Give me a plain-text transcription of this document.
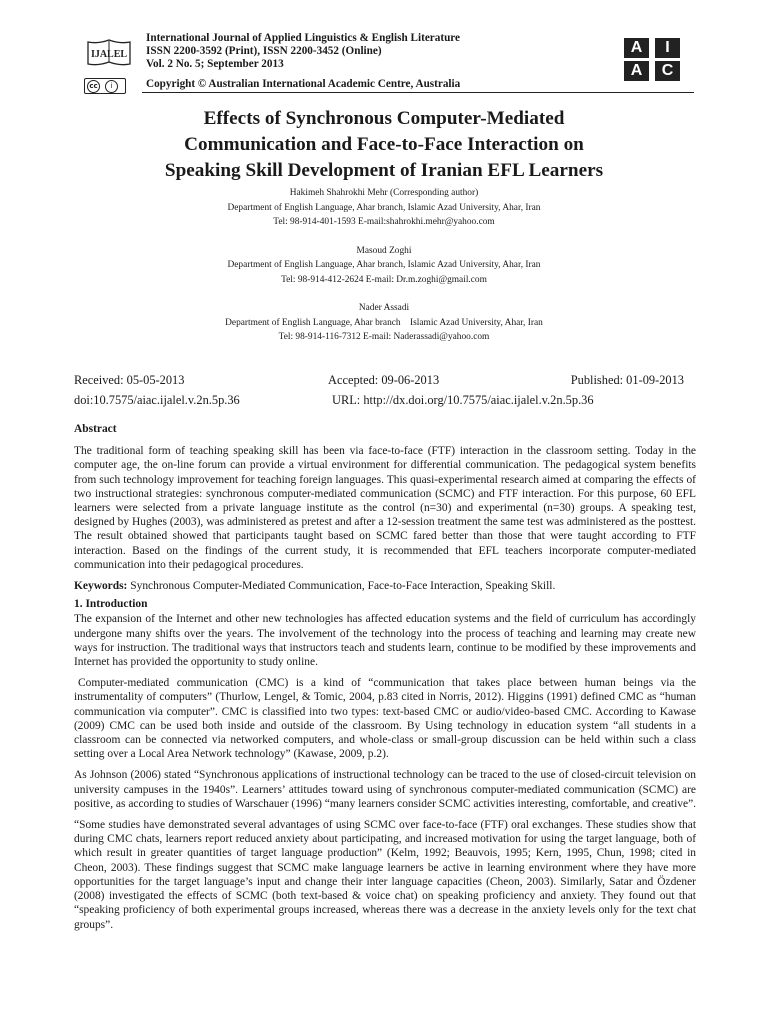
IJALEL
International Journal of Applied Linguistics & English Literature
ISSN 2200-3592 (Print), ISSN 2200-3452 (Online)
Vol. 2 No. 5; September 2013
cc	i	Copyright © Australian International Academic Centre, Australia
A	I
A	C
Effects of Synchronous Computer-Mediated
Communication and Face-to-Face Interaction on
Speaking Skill Development of Iranian EFL Learners
Hakimeh Shahrokhi Mehr (Corresponding author)
Department of English Language, Ahar branch, Islamic Azad University, Ahar, Iran
Tel: 98-914-401-1593 E-mail:shahrokhi.mehr@yahoo.com
Masoud Zoghi
Department of English Language, Ahar branch, Islamic Azad University, Ahar, Iran
Tel: 98-914-412-2624 E-mail: Dr.m.zoghi@gmail.com
Nader Assadi
Department of English Language, Ahar branch    Islamic Azad University, Ahar, Iran
Tel: 98-914-116-7312 E-mail: Naderassadi@yahoo.com
Received: 05-05-2013	Accepted: 09-06-2013	Published: 01-09-2013
doi:10.7575/aiac.ijalel.v.2n.5p.36	URL: http://dx.doi.org/10.7575/aiac.ijalel.v.2n.5p.36
Abstract

The traditional form of teaching speaking skill has been via face-to-face (FTF) interaction in the classroom setting. Today in the computer age, the on-line forum can provide a virtual environment for differential communication. The pedagogical system benefits from such technology improvement for teaching foreign languages. This quasi-experimental research aimed at comparing the effects of two instructional strategies: synchronous computer-mediated communication (SCMC) and FTF interaction. For this purpose, 60 EFL learners were selected from a private language institute as the control (n=30) and experimental (n=30) groups. A speaking test, designed by Hughes (2003), was administered as pretest and after a 12-session treatment the same test was administered as the posttest. The result obtained showed that participants taught based on SCMC fared better than those that were taught according to FTF interaction. Based on the findings of the current study, it is recommended that EFL teachers incorporate computer-mediated communication into their pedagogical procedures.

Keywords: Synchronous Computer-Mediated Communication, Face-to-Face Interaction, Speaking Skill.

1. Introduction

The expansion of the Internet and other new technologies has affected education systems and the field of curriculum has accordingly undergone many shifts over the years. The involvement of the technology into the process of teaching and learning may create new ways for instruction. The traditional ways that instructors teach and students learn, continue to be modified by these improvements and Internet has provided the opportunity to study online.

Computer-mediated communication (CMC) is a kind of “communication that takes place between human beings via the instrumentality of computers” (Thurlow, Lengel, & Tomic, 2004, p.83 cited in Norris, 2012). Higgins (1991) defined CMC as “human communication via computer”. CMC is classified into two types: text-based CMC or audio/video-based CMC. According to Kawase (2009) CMC can be used both inside and outside of the classroom. By Using technology in education system “all students in a classroom can be connected via networked computers, and whole-class or small-group discussion can be held within such a class setting over a Local Area Network technology” (Kawase, 2009, p.2).

As Johnson (2006) stated “Synchronous applications of instructional technology can be traced to the use of closed-circuit television on university campuses in the 1940s”. Learners’ attitudes toward using of synchronous computer-mediated communication (SCMC) are positive, as according to studies of Warschauer (1996) “many learners consider SCMC activities interesting, comfortable, and creative”.

“Some studies have demonstrated several advantages of using SCMC over face-to-face (FTF) oral exchanges. These studies show that during CMC chats, learners report reduced anxiety about participating, and increased motivation for using the target language, both of which result in greater quantities of target language production” (Kelm, 1992; Beauvois, 1995; Kern, 1995, Chun, 1998; cited in Cheon, 2003). These findings suggest that SCMC make language learners be active in learning environment where they have more opportunities for the target language’s input and change their inter language capacities (Cheon, 2003). Similarly, Satar and Özdener (2008) investigated the effects of SCMC (both text-based & voice chat) on speaking proficiency and anxiety. They found out that “speaking proficiency of both experimental groups increased, whereas there was a decrease in the anxiety levels only for the text chat groups”.
